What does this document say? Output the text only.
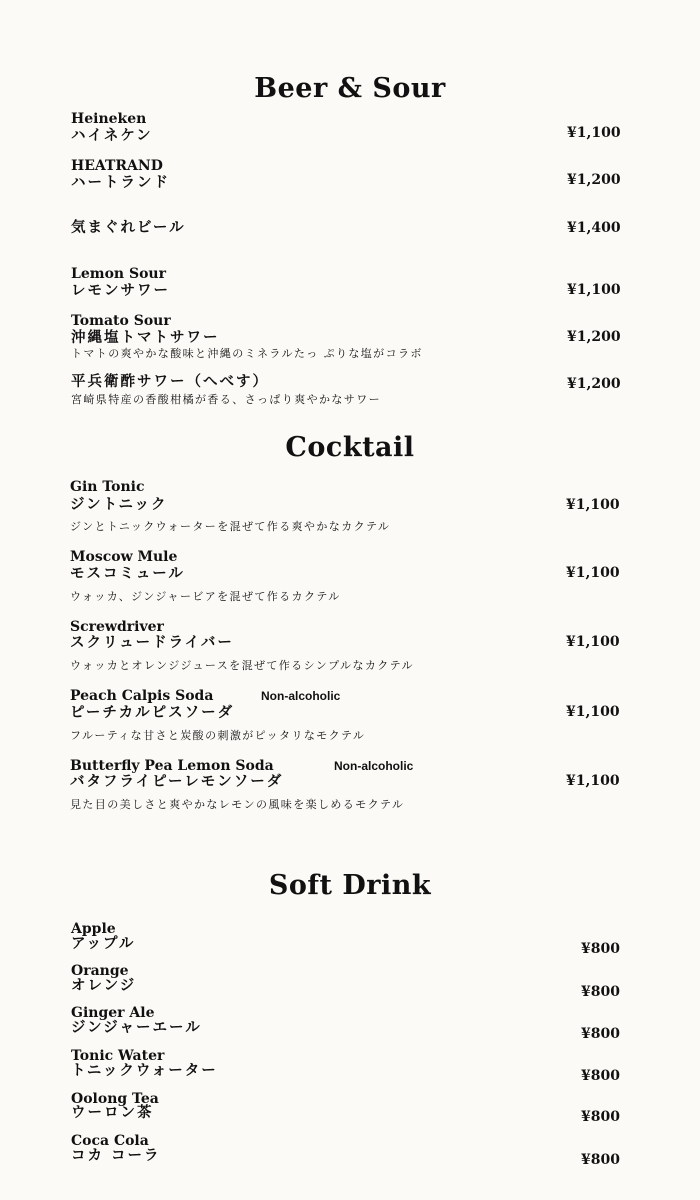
Beer & Sour
Heineken
ハイネケン	¥1,100
HEATRAND
ハートランド	¥1,200
気まぐれビール	¥1,400
Lemon Sour
レモンサワー	¥1,100
Tomato Sour
沖縄塩トマトサワー
トマトの爽やかな酸味と沖縄のミネラルたっ ぷりな塩がコラボ
¥1,200
平兵衛酢サワー（へべす）
宮崎県特産の香酸柑橘が香る、さっぱり爽やかなサワー
¥1,200
Cocktail
Gin Tonic
ジントニック
ジンとトニックウォーターを混ぜて作る爽やかなカクテル
¥1,100
Moscow Mule
モスコミュール
ウォッカ、ジンジャービアを混ぜて作るカクテル
¥1,100
Screwdriver
スクリュードライバー
ウォッカとオレンジジュースを混ぜて作るシンプルなカクテル
¥1,100
Peach Calpis Soda	Non-alcoholic
ピーチカルピスソーダ
フルーティな甘さと炭酸の刺激がピッタリなモクテル
¥1,100
Butterfly Pea Lemon Soda	Non-alcoholic
バタフライピーレモンソーダ
見た目の美しさと爽やかなレモンの風味を楽しめるモクテル
¥1,100
Soft Drink
Apple
アップル	¥800
Orange
オレンジ	¥800
Ginger Ale
ジンジャーエール	¥800
Tonic Water
トニックウォーター	¥800
Oolong Tea
ウーロン茶	¥800
Coca Cola
コカ コーラ	¥800
